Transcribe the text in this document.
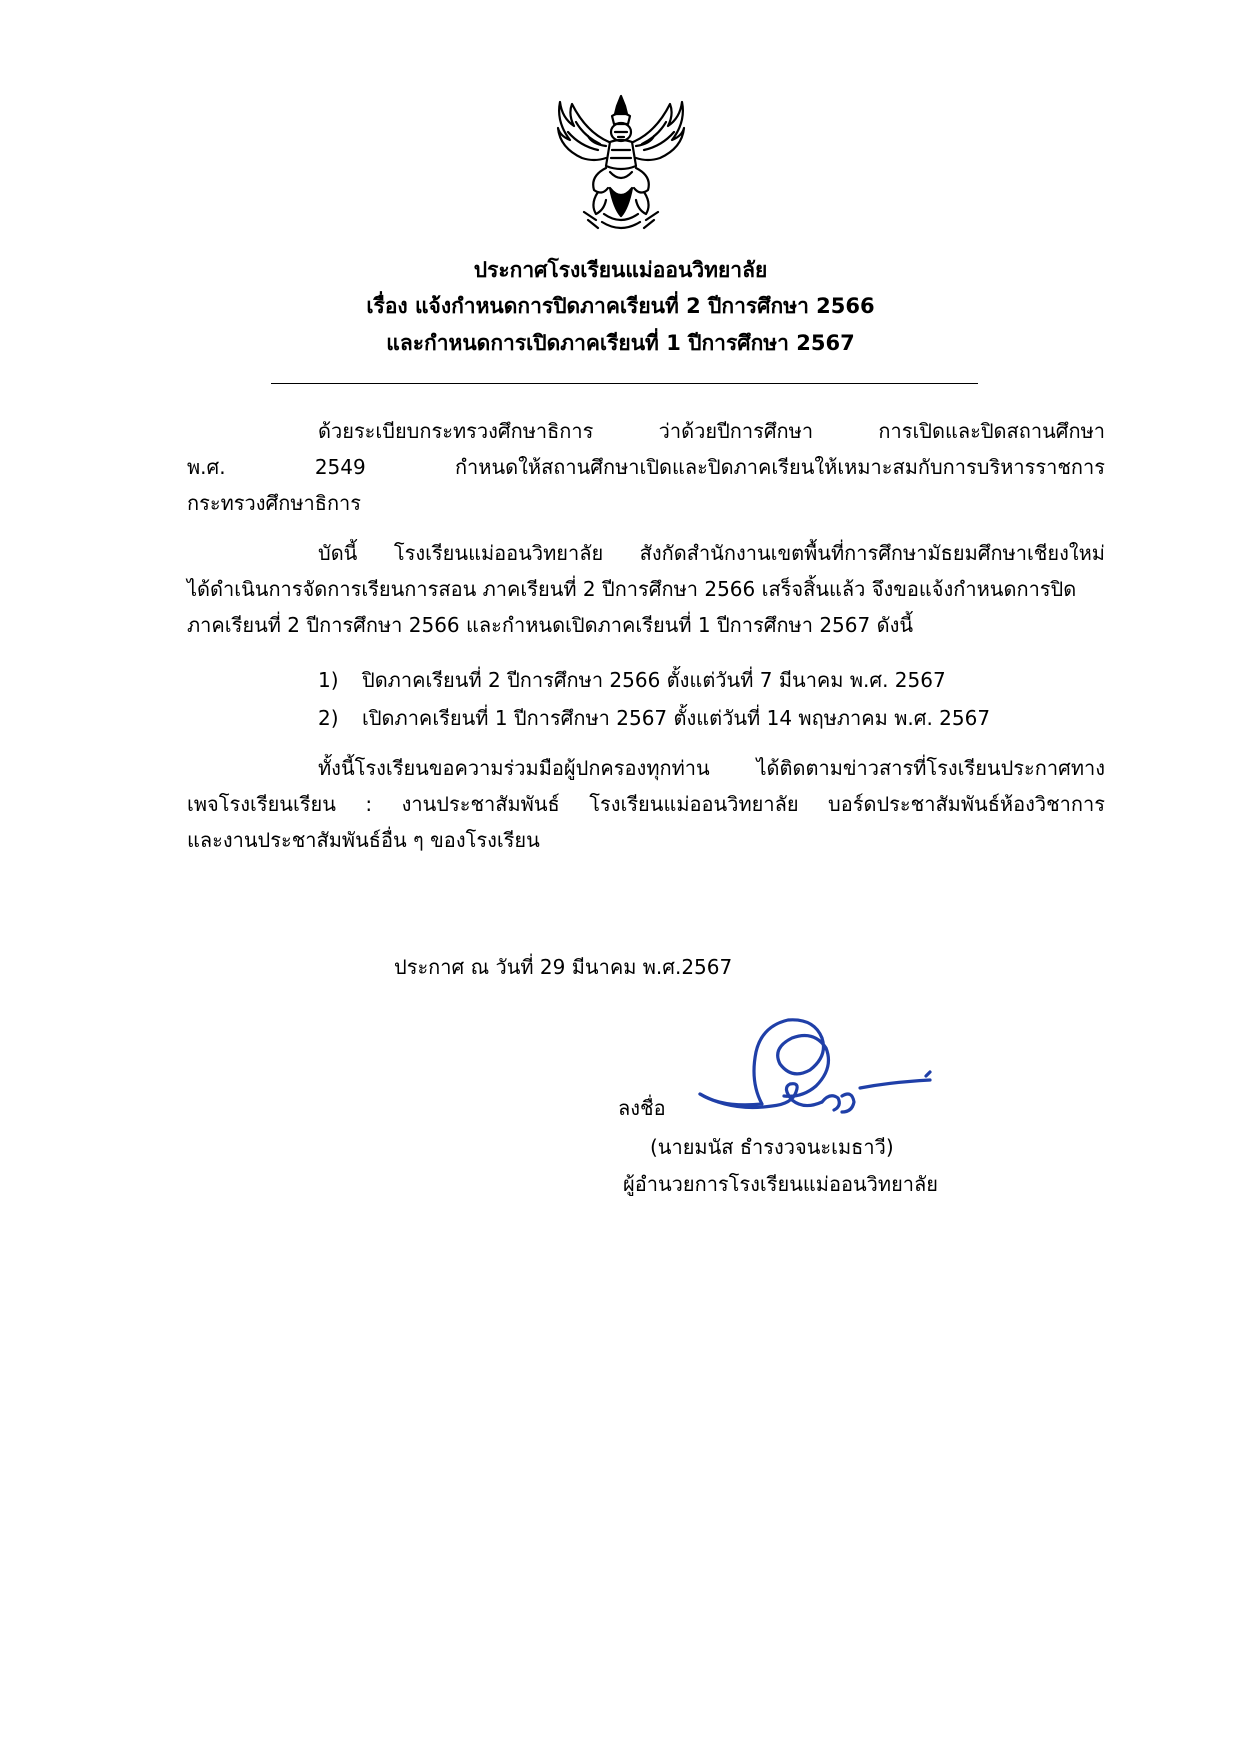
ประกาศโรงเรียนแม่ออนวิทยาลัย
เรื่อง แจ้งกำหนดการปิดภาคเรียนที่ 2 ปีการศึกษา 2566
และกำหนดการเปิดภาคเรียนที่ 1 ปีการศึกษา 2567
ด้วยระเบียบกระทรวงศึกษาธิการ ว่าด้วยปีการศึกษา การเปิดและปิดสถานศึกษา
พ.ศ. 2549 กำหนดให้สถานศึกษาเปิดและปิดภาคเรียนให้เหมาะสมกับการบริหารราชการ
กระทรวงศึกษาธิการ
บัดนี้ โรงเรียนแม่ออนวิทยาลัย สังกัดสำนักงานเขตพื้นที่การศึกษามัธยมศึกษาเชียงใหม่
ได้ดำเนินการจัดการเรียนการสอน ภาคเรียนที่ 2 ปีการศึกษา 2566 เสร็จสิ้นแล้ว จึงขอแจ้งกำหนดการปิด
ภาคเรียนที่ 2 ปีการศึกษา 2566 และกำหนดเปิดภาคเรียนที่ 1 ปีการศึกษา 2567 ดังนี้
1) ปิดภาคเรียนที่ 2 ปีการศึกษา 2566 ตั้งแต่วันที่ 7 มีนาคม พ.ศ. 2567
2) เปิดภาคเรียนที่ 1 ปีการศึกษา 2567 ตั้งแต่วันที่ 14 พฤษภาคม พ.ศ. 2567
ทั้งนี้โรงเรียนขอความร่วมมือผู้ปกครองทุกท่าน ได้ติดตามข่าวสารที่โรงเรียนประกาศทาง
เพจโรงเรียนเรียน : งานประชาสัมพันธ์ โรงเรียนแม่ออนวิทยาลัย บอร์ดประชาสัมพันธ์ห้องวิชาการ
และงานประชาสัมพันธ์อื่น ๆ ของโรงเรียน
ประกาศ ณ วันที่ 29 มีนาคม พ.ศ.2567
ลงชื่อ
(นายมนัส ธำรงวจนะเมธาวี)
ผู้อำนวยการโรงเรียนแม่ออนวิทยาลัย
